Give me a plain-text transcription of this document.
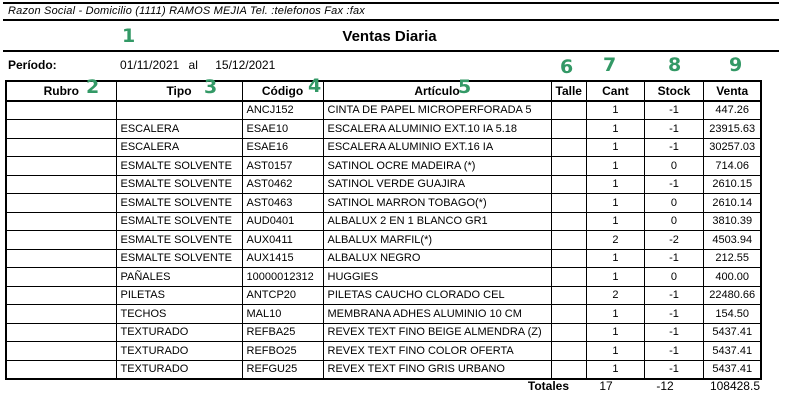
Razon Social - Domicilio (1111) RAMOS MEJIA Tel. :telefonos Fax :fax
Ventas Diaria
Período:	01/11/2021 al 15/12/2021
Rubro	Tipo	Código	Artículo	Talle	Cant	Stock	Venta
		ANCJ152	CINTA DE PAPEL MICROPERFORADA 5		1	-1	447.26
	ESCALERA	ESAE10	ESCALERA ALUMINIO EXT.10 IA 5.18		1	-1	23915.63
	ESCALERA	ESAE16	ESCALERA ALUMINIO EXT.16 IA		1	-1	30257.03
	ESMALTE SOLVENTE	AST0157	SATINOL OCRE MADEIRA (*)		1	0	714.06
	ESMALTE SOLVENTE	AST0462	SATINOL VERDE GUAJIRA		1	-1	2610.15
	ESMALTE SOLVENTE	AST0463	SATINOL MARRON TOBAGO(*)		1	0	2610.14
	ESMALTE SOLVENTE	AUD0401	ALBALUX 2 EN 1 BLANCO GR1		1	0	3810.39
	ESMALTE SOLVENTE	AUX0411	ALBALUX MARFIL(*)		2	-2	4503.94
	ESMALTE SOLVENTE	AUX1415	ALBALUX NEGRO		1	-1	212.55
	PAÑALES	10000012312	HUGGIES		1	0	400.00
	PILETAS	ANTCP20	PILETAS CAUCHO CLORADO CEL		2	-1	22480.66
	TECHOS	MAL10	MEMBRANA ADHES ALUMINIO 10 CM		1	-1	154.50
	TEXTURADO	REFBA25	REVEX TEXT FINO BEIGE ALMENDRA (Z)		1	-1	5437.41
	TEXTURADO	REFBO25	REVEX TEXT FINO COLOR OFERTA		1	-1	5437.41
	TEXTURADO	REFGU25	REVEX TEXT FINO GRIS URBANO		1	-1	5437.41
Totales	17	-12	108428.5
1
2	3	4	5
6 7	8	9
